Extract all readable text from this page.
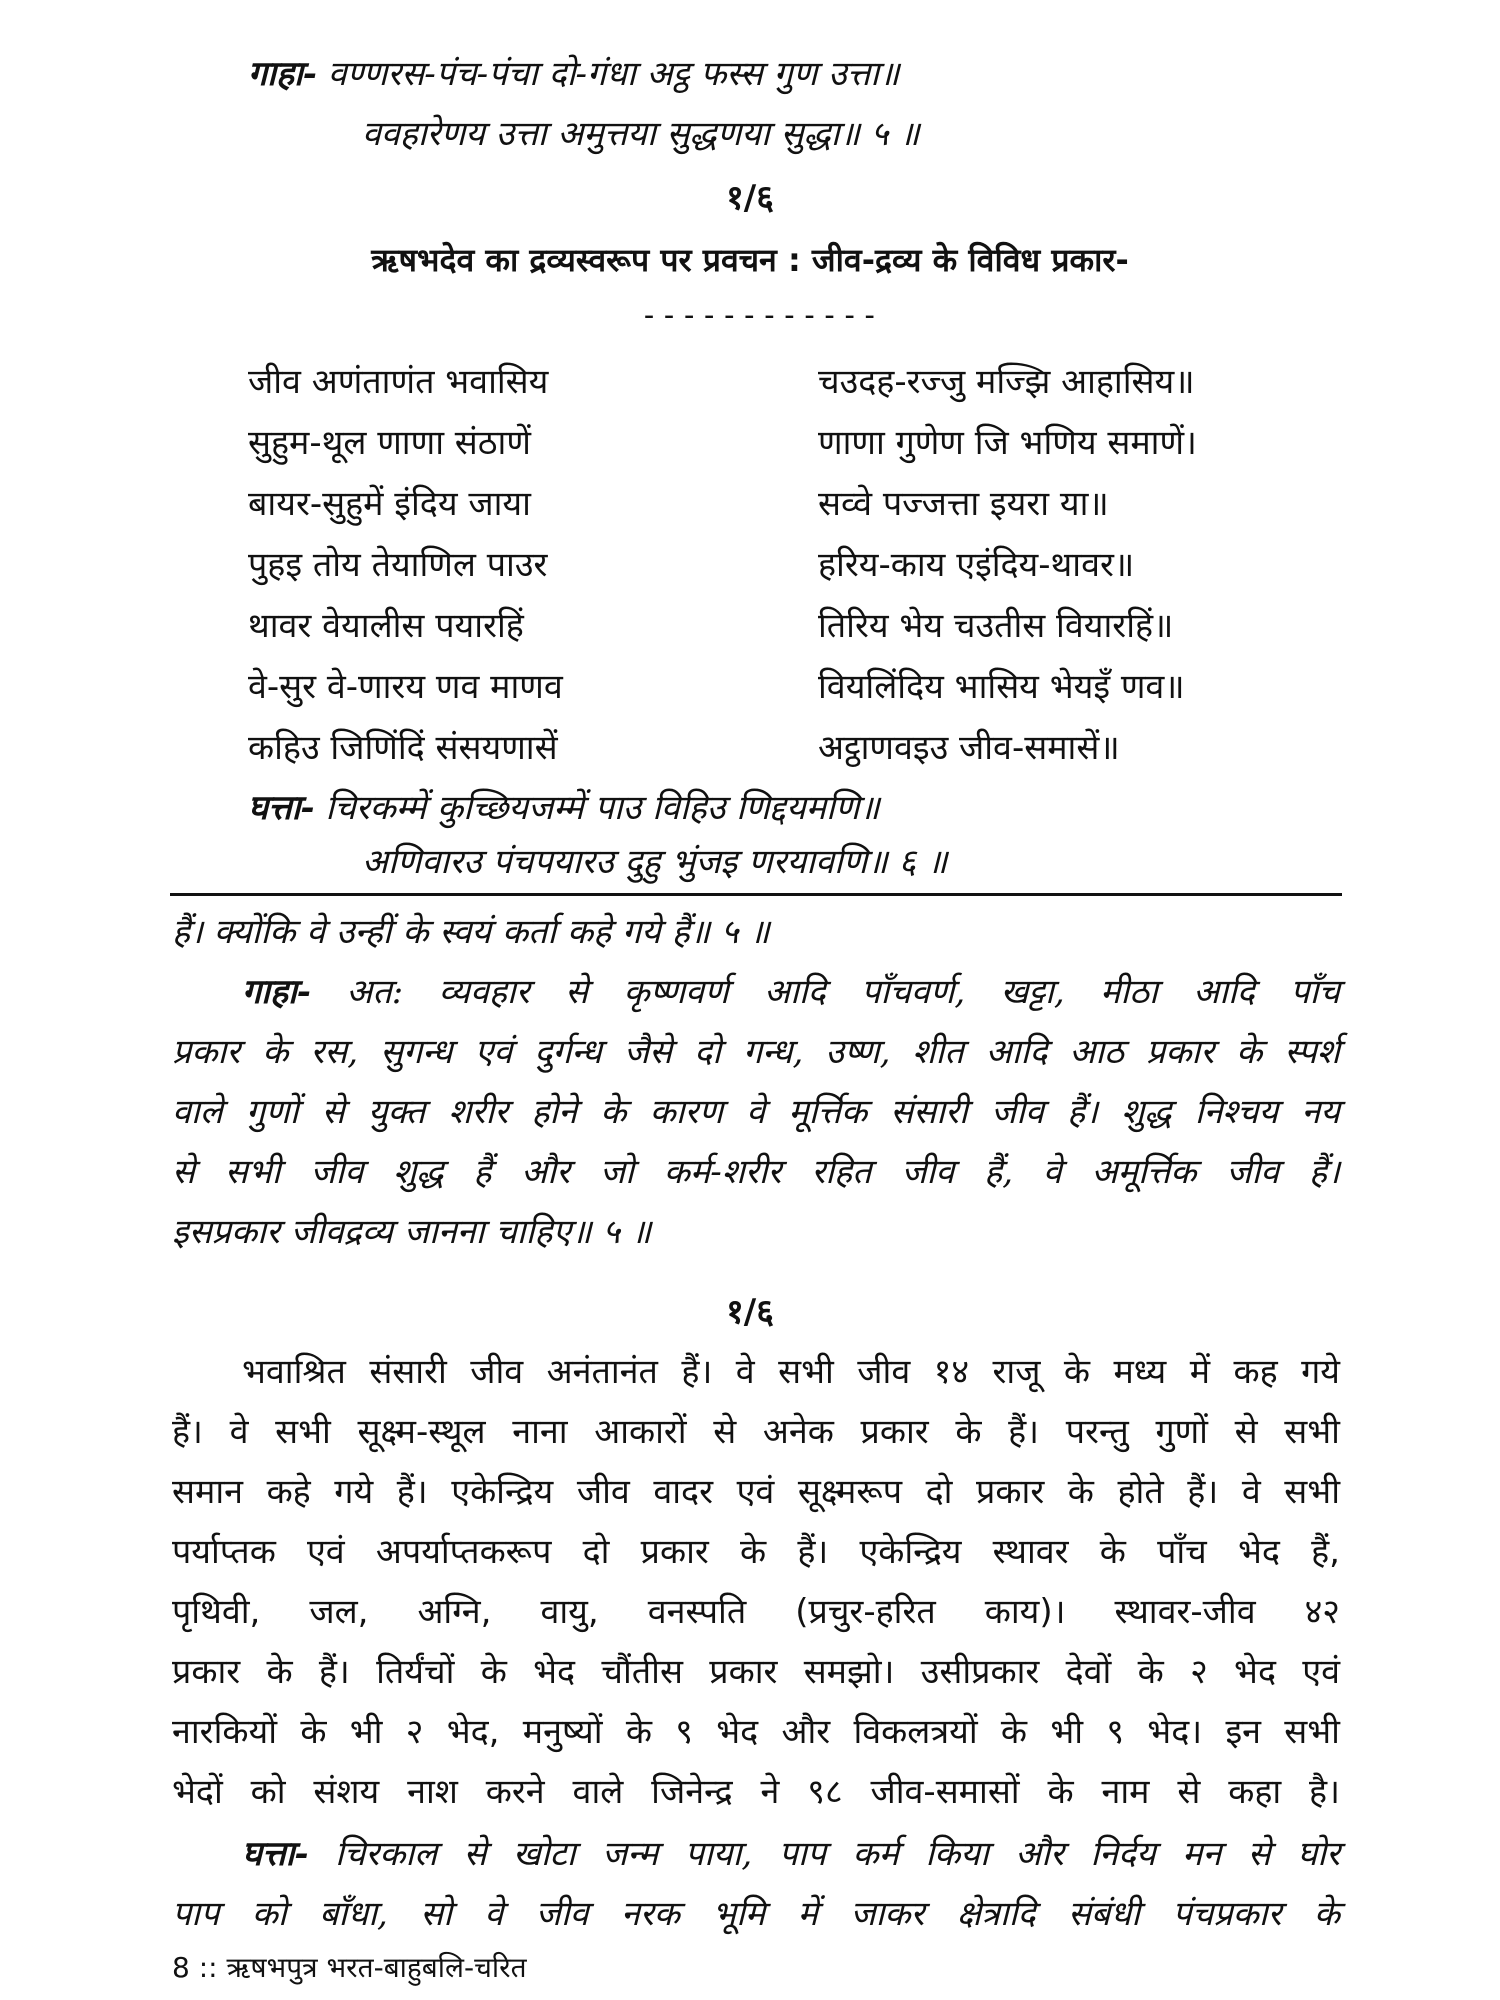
गाहा- वण्णरस-पंच-पंचा दो-गंधा अट्ठ फस्स गुण उत्ता॥
ववहारेणय उत्ता अमुत्तया सुद्धणया सुद्धा॥ ५ ॥
१/६
ऋषभदेव का द्रव्यस्वरूप पर प्रवचन : जीव-द्रव्य के विविध प्रकार-
------------
जीव अणंताणंत भवासिय	चउदह-रज्जु मज्झि आहासिय॥
सुहुम-थूल णाणा संठाणें	णाणा गुणेण जि भणिय समाणें।
बायर-सुहुमें इंदिय जाया	सव्वे पज्जत्ता इयरा या॥
पुहइ तोय तेयाणिल पाउर	हरिय-काय एइंदिय-थावर॥
थावर वेयालीस पयारहिं	तिरिय भेय चउतीस वियारहिं॥
वे-सुर वे-णारय णव माणव	वियलिंदिय भासिय भेयइँ णव॥
कहिउ जिणिंदिं संसयणासें	अट्ठाणवइउ जीव-समासें॥
घत्ता- चिरकम्में कुच्छियजम्में पाउ विहिउ णिद्दयमणि॥
अणिवारउ पंचपयारउ दुहु भुंजइ णरयावणि॥ ६ ॥
हैं। क्योंकि वे उन्हीं के स्वयं कर्ता कहे गये हैं॥ ५ ॥
गाहा- अत: व्यवहार से कृष्णवर्ण आदि पाँचवर्ण, खट्टा, मीठा आदि पाँच
प्रकार के रस, सुगन्ध एवं दुर्गन्ध जैसे दो गन्ध, उष्ण, शीत आदि आठ प्रकार के स्पर्श
वाले गुणों से युक्त शरीर होने के कारण वे मूर्त्तिक संसारी जीव हैं। शुद्ध निश्चय नय
से सभी जीव शुद्ध हैं और जो कर्म-शरीर रहित जीव हैं, वे अमूर्त्तिक जीव हैं।
इसप्रकार जीवद्रव्य जानना चाहिए॥ ५ ॥
१/६
भवाश्रित संसारी जीव अनंतानंत हैं। वे सभी जीव १४ राजू के मध्य में कह गये
हैं। वे सभी सूक्ष्म-स्थूल नाना आकारों से अनेक प्रकार के हैं। परन्तु गुणों से सभी
समान कहे गये हैं। एकेन्द्रिय जीव वादर एवं सूक्ष्मरूप दो प्रकार के होते हैं। वे सभी
पर्याप्तक एवं अपर्याप्तकरूप दो प्रकार के हैं। एकेन्द्रिय स्थावर के पाँच भेद हैं,
पृथिवी, जल, अग्नि, वायु, वनस्पति (प्रचुर-हरित काय)। स्थावर-जीव ४२
प्रकार के हैं। तिर्यंचों के भेद चौंतीस प्रकार समझो। उसीप्रकार देवों के २ भेद एवं
नारकियों के भी २ भेद, मनुष्यों के ९ भेद और विकलत्रयों के भी ९ भेद। इन सभी
भेदों को संशय नाश करने वाले जिनेन्द्र ने ९८ जीव-समासों के नाम से कहा है।
घत्ता- चिरकाल से खोटा जन्म पाया, पाप कर्म किया और निर्दय मन से घोर
पाप को बाँधा, सो वे जीव नरक भूमि में जाकर क्षेत्रादि संबंधी पंचप्रकार के
8 :: ऋषभपुत्र भरत-बाहुबलि-चरित
